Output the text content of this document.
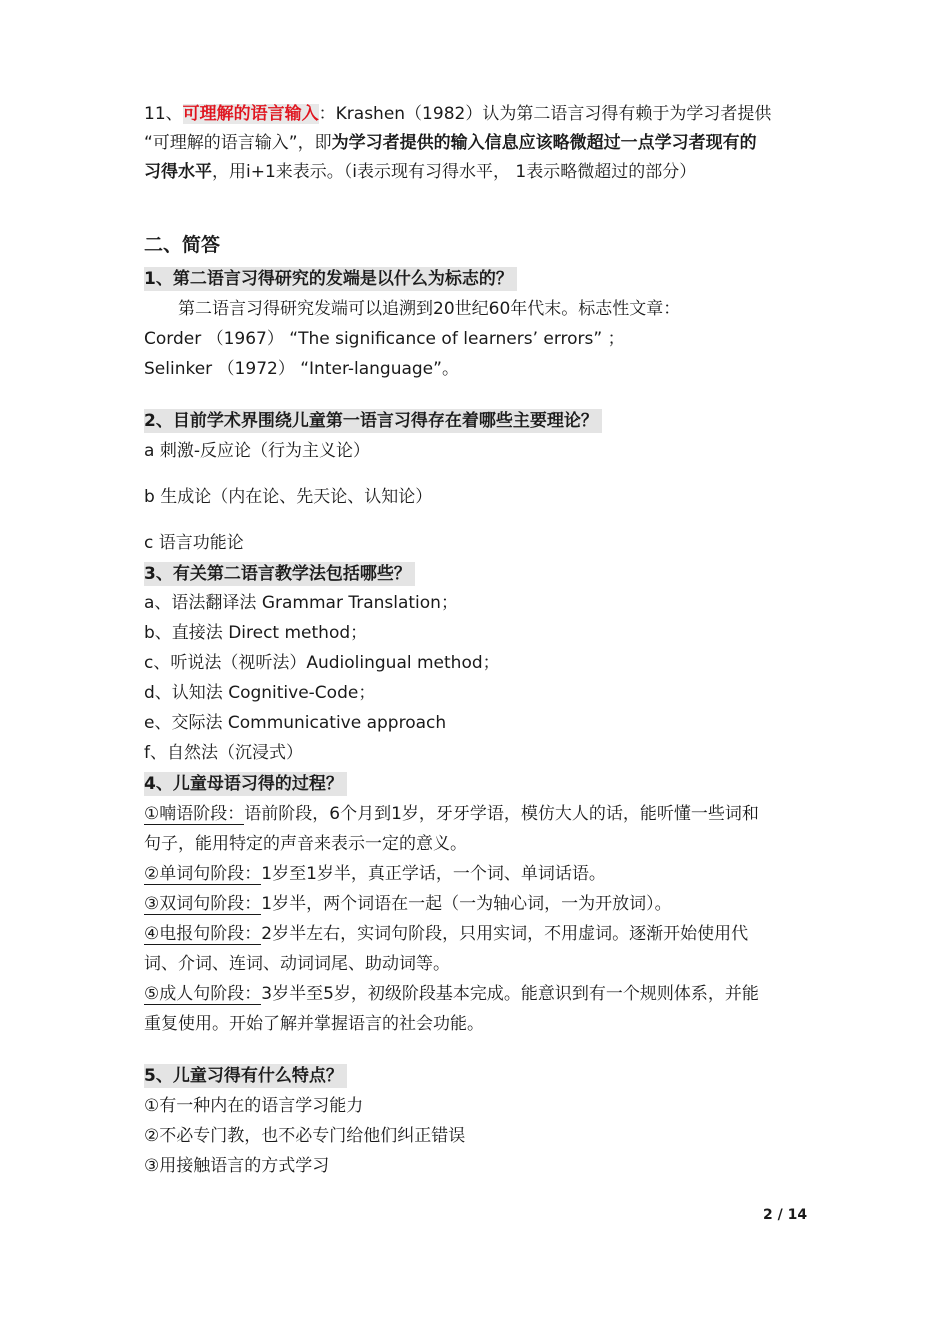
11、可理解的语言输入：Krashen（1982）认为第二语言习得有赖于为学习者提供
“可理解的语言输入”，即为学习者提供的输入信息应该略微超过一点学习者现有的
习得水平，用i+1来表示。（i表示现有习得水平， 1表示略微超过的部分）
二、简答
1、第二语言习得研究的发端是以什么为标志的？
第二语言习得研究发端可以追溯到20世纪60年代末。标志性文章：
Corder （1967） “The significance of learners’ errors” ；
Selinker （1972） “Inter-language”。
2、目前学术界围绕儿童第一语言习得存在着哪些主要理论？
a 刺激-反应论（行为主义论）
b 生成论（内在论、先天论、认知论）
c 语言功能论
3、有关第二语言教学法包括哪些？
a、语法翻译法 Grammar Translation；
b、直接法 Direct method；
c、听说法（视听法）Audiolingual method；
d、认知法 Cognitive-Code；
e、交际法 Communicative approach
f、自然法（沉浸式）
4、儿童母语习得的过程？
①喃语阶段：语前阶段，6个月到1岁，牙牙学语，模仿大人的话，能听懂一些词和
句子，能用特定的声音来表示一定的意义。
②单词句阶段：1岁至1岁半，真正学话，一个词、单词话语。
③双词句阶段：1岁半，两个词语在一起（一为轴心词，一为开放词）。
④电报句阶段：2岁半左右，实词句阶段，只用实词，不用虚词。逐渐开始使用代
词、介词、连词、动词词尾、助动词等。
⑤成人句阶段：3岁半至5岁，初级阶段基本完成。能意识到有一个规则体系，并能
重复使用。开始了解并掌握语言的社会功能。
5、儿童习得有什么特点？
①有一种内在的语言学习能力
②不必专门教，也不必专门给他们纠正错误
③用接触语言的方式学习
2 / 14
